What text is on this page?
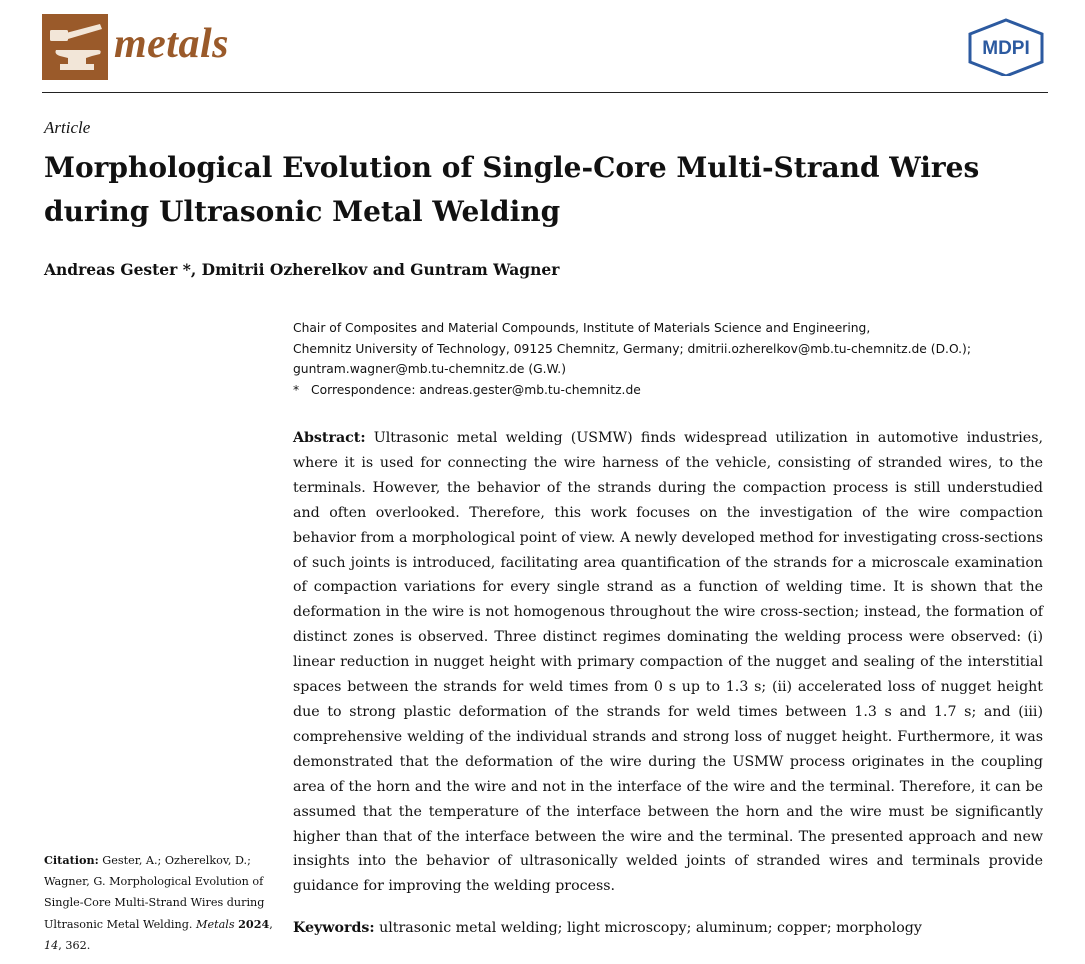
metals	MDPI
Article
Morphological Evolution of Single-Core Multi-Strand Wires during Ultrasonic Metal Welding
Andreas Gester *, Dmitrii Ozherelkov and Guntram Wagner
Chair of Composites and Material Compounds, Institute of Materials Science and Engineering,
Chemnitz University of Technology, 09125 Chemnitz, Germany; dmitrii.ozherelkov@mb.tu-chemnitz.de (D.O.);
guntram.wagner@mb.tu-chemnitz.de (G.W.)
* Correspondence: andreas.gester@mb.tu-chemnitz.de

Abstract: Ultrasonic metal welding (USMW) finds widespread utilization in automotive industries, where it is used for connecting the wire harness of the vehicle, consisting of stranded wires, to the terminals. However, the behavior of the strands during the compaction process is still understudied and often overlooked. Therefore, this work focuses on the investigation of the wire compaction behavior from a morphological point of view. A newly developed method for investigating cross-sections of such joints is introduced, facilitating area quantification of the strands for a microscale examination of compaction variations for every single strand as a function of welding time. It is shown that the deformation in the wire is not homogenous throughout the wire cross-section; instead, the formation of distinct zones is observed. Three distinct regimes dominating the welding process were observed: (i) linear reduction in nugget height with primary compaction of the nugget and sealing of the interstitial spaces between the strands for weld times from 0 s up to 1.3 s; (ii) accelerated loss of nugget height due to strong plastic deformation of the strands for weld times between 1.3 s and 1.7 s; and (iii) comprehensive welding of the individual strands and strong loss of nugget height. Furthermore, it was demonstrated that the deformation of the wire during the USMW process originates in the coupling area of the horn and the wire and not in the interface of the wire and the terminal. Therefore, it can be assumed that the temperature of the interface between the horn and the wire must be significantly higher than that of the interface between the wire and the terminal. The presented approach and new insights into the behavior of ultrasonically welded joints of stranded wires and terminals provide guidance for improving the welding process.

Keywords: ultrasonic metal welding; light microscopy; aluminum; copper; morphology
Citation: Gester, A.; Ozherelkov, D.; Wagner, G. Morphological Evolution of Single-Core Multi-Strand Wires during Ultrasonic Metal Welding. Metals 2024, 14, 362.
